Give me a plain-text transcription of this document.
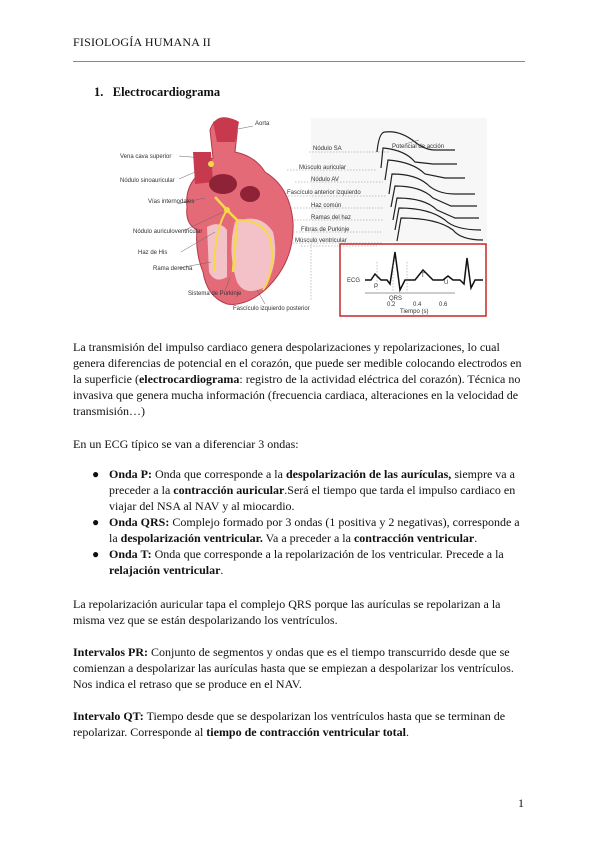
FISIOLOGÍA HUMANA II
1. Electrocardiograma
Aorta
Vena cava superior
Nódulo sinoauricular
Vías internodales
Nódulo auriculoventricular
Haz de His
Rama derecha
Sistema de Purkinje
Fascículo izquierdo posterior
Potencial de acción
Nódulo SA
Músculo auricular
Nódulo AV
Fascículo anterior izquierdo
Haz común
Ramas del haz
Fibras de Purkinje
Músculo ventricular
ECG
P
T
U
QRS
0.2	0.4	0.6
Tiempo (s)
La transmisión del impulso cardiaco genera despolarizaciones y repolarizaciones, lo cual genera diferencias de potencial en el corazón, que puede ser medible colocando electrodos en la superficie (electrocardiograma: registro de la actividad eléctrica del corazón). Técnica no invasiva que genera mucha información (frecuencia cardiaca, alteraciones en la velocidad de transmisión…)
En un ECG típico se van a diferenciar 3 ondas:
● Onda P: Onda que corresponde a la despolarización de las aurículas, siempre va a preceder a la contracción auricular.Será el tiempo que tarda el impulso cardiaco en viajar del NSA al NAV y al miocardio.
● Onda QRS: Complejo formado por 3 ondas (1 positiva y 2 negativas), corresponde a la despolarización ventricular. Va a preceder a la contracción ventricular.
● Onda T: Onda que corresponde a la repolarización de los ventricular. Precede a la relajación ventricular.
La repolarización auricular tapa el complejo QRS porque las aurículas se repolarizan a la misma vez que se están despolarizando los ventrículos.
Intervalos PR: Conjunto de segmentos y ondas que es el tiempo transcurrido desde que se comienzan a despolarizar las aurículas hasta que se empiezan a despolarizar los ventrículos. Nos indica el retraso que se produce en el NAV.
Intervalo QT: Tiempo desde que se despolarizan los ventrículos hasta que se terminan de repolarizar. Corresponde al tiempo de contracción ventricular total.
1
